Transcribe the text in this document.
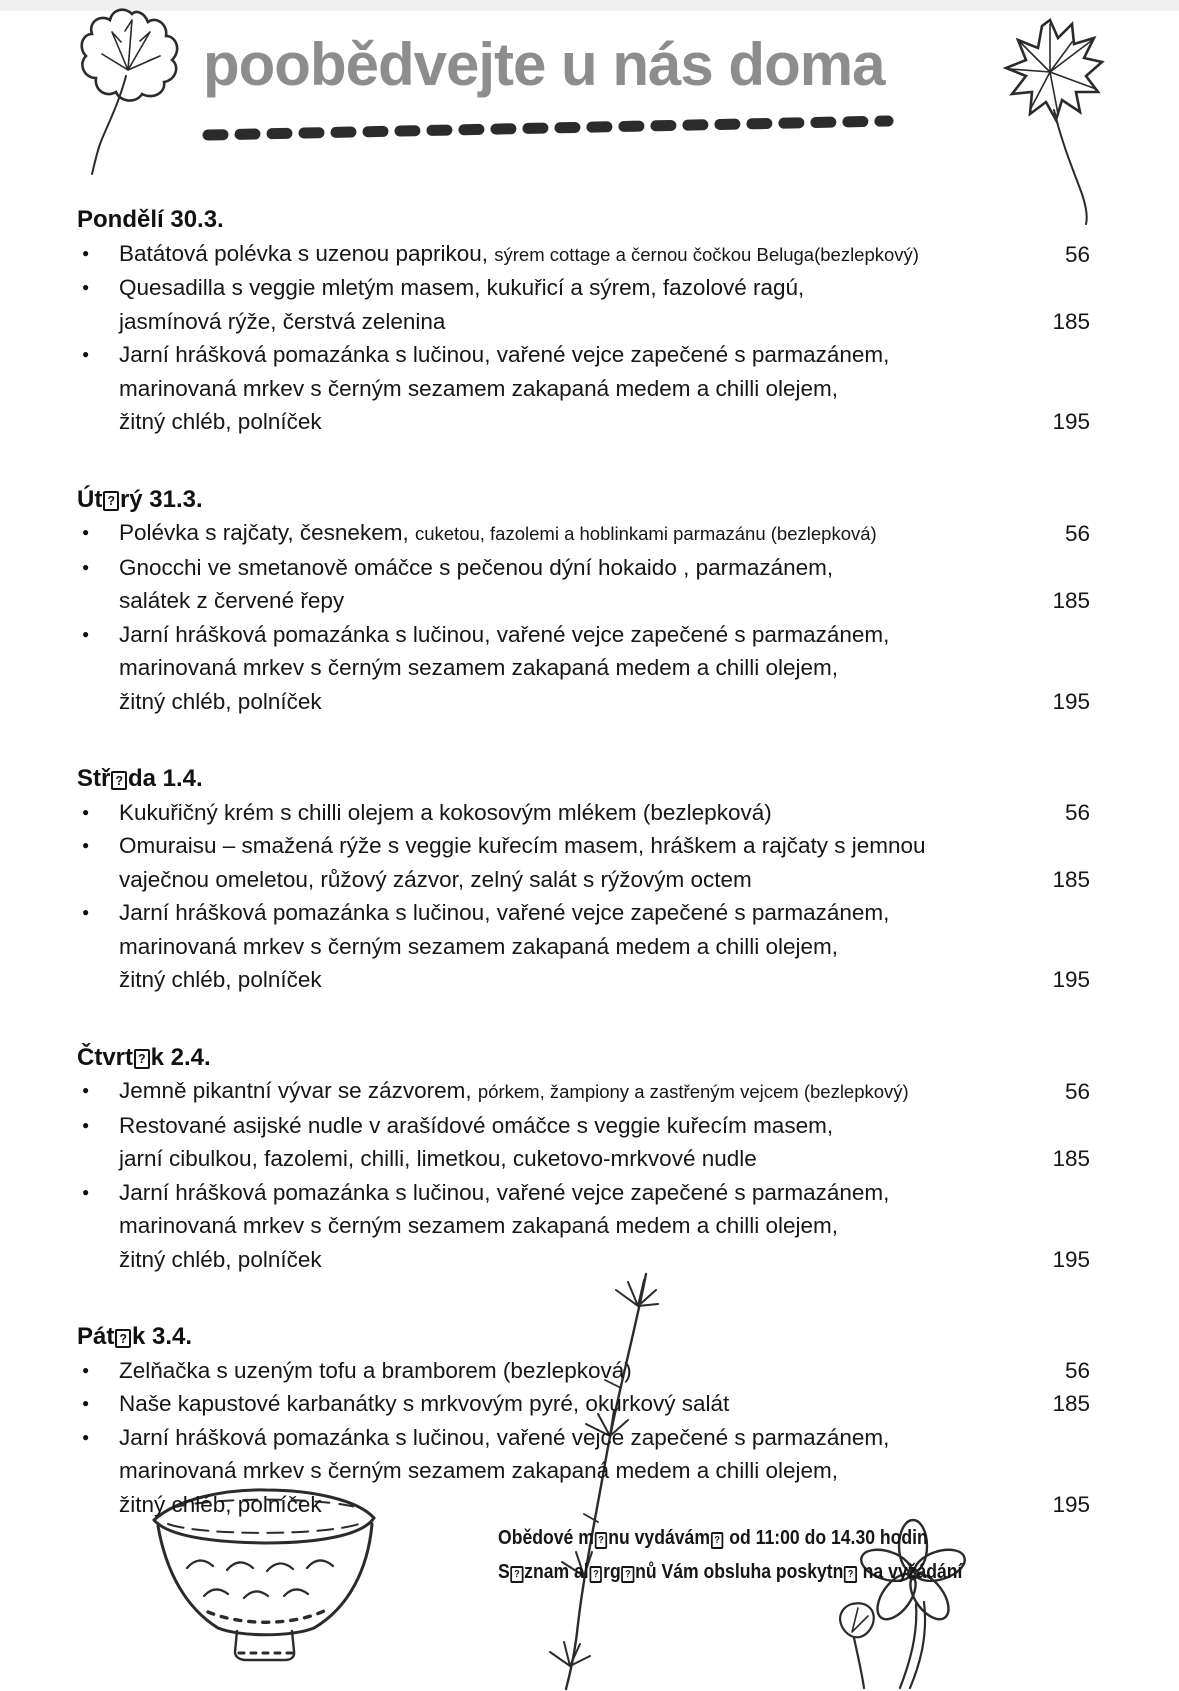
poobědvejte u nás doma
Pondělí 30.3.
●	Batátová polévka s uzenou paprikou, sýrem cottage a černou čočkou Beluga(bezlepkový)	56
●	Quesadilla s veggie mletým masem, kukuřicí a sýrem, fazolové ragú,
jasmínová rýže, čerstvá zelenina	185
●	Jarní hrášková pomazánka s lučinou, vařené vejce zapečené s parmazánem,
marinovaná mrkev s černým sezamem zakapaná medem a chilli olejem,
žitný chléb, polníček	195
Út ? rý 31.3.
●	Polévka s rajčaty, česnekem, cuketou, fazolemi a hoblinkami parmazánu (bezlepková)	56
●	Gnocchi ve smetanově omáčce s pečenou dýní hokaido , parmazánem,
salátek z červené řepy	185
●	Jarní hrášková pomazánka s lučinou, vařené vejce zapečené s parmazánem,
marinovaná mrkev s černým sezamem zakapaná medem a chilli olejem,
žitný chléb, polníček	195
Stř ? da 1.4.
●	Kukuřičný krém s chilli olejem a kokosovým mlékem (bezlepková)	56
●	Omuraisu – smažená rýže s veggie kuřecím masem, hráškem a rajčaty s jemnou
vaječnou omeletou, růžový zázvor, zelný salát s rýžovým octem	185
●	Jarní hrášková pomazánka s lučinou, vařené vejce zapečené s parmazánem,
marinovaná mrkev s černým sezamem zakapaná medem a chilli olejem,
žitný chléb, polníček	195
Čtvrt ? k 2.4.
●	Jemně pikantní vývar se zázvorem, pórkem, žampiony a zastřeným vejcem (bezlepkový)	56
●	Restované asijské nudle v arašídové omáčce s veggie kuřecím masem,
jarní cibulkou, fazolemi, chilli, limetkou, cuketovo-mrkvové nudle	185
●	Jarní hrášková pomazánka s lučinou, vařené vejce zapečené s parmazánem,
marinovaná mrkev s černým sezamem zakapaná medem a chilli olejem,
žitný chléb, polníček	195
Pát ? k 3.4.
●	Zelňačka s uzeným tofu a bramborem (bezlepková)	56
●	Naše kapustové karbanátky s mrkvovým pyré, okurkový salát	185
●	Jarní hrášková pomazánka s lučinou, vařené vejce zapečené s parmazánem,
marinovaná mrkev s černým sezamem zakapaná medem a chilli olejem,
žitný chléb, polníček	195
Obědové m ? nu vydávám ? od 11:00 do 14.30 hodin
S ? znam al ? rg ? nů Vám obsluha poskytn ? na vyžádání
